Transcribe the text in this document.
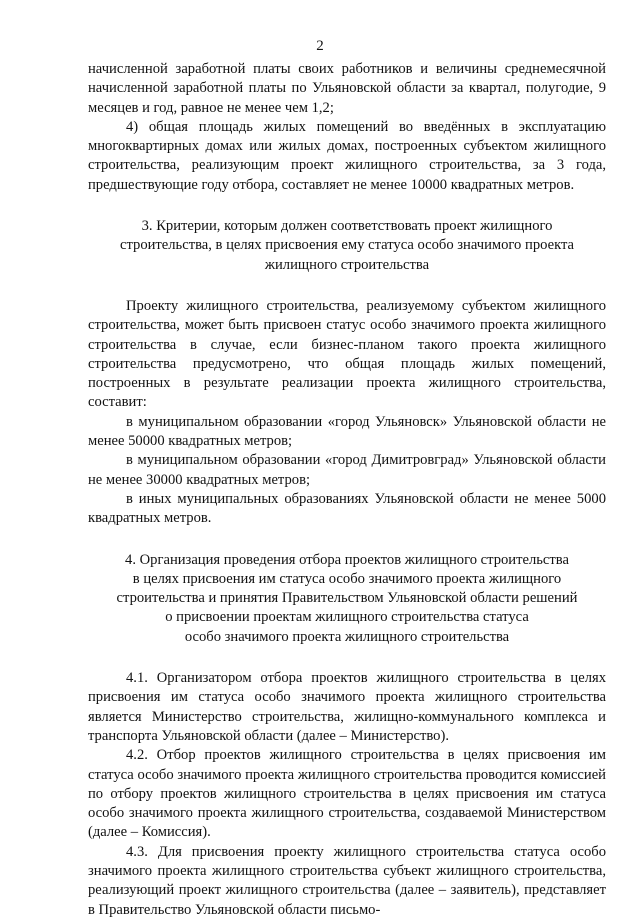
2

начисленной заработной платы своих работников и величины среднемесячной начисленной заработной платы по Ульяновской области за квартал, полугодие, 9 месяцев и год, равное не менее чем 1,2;

4) общая площадь жилых помещений во введённых в эксплуатацию многоквартирных домах или жилых домах, построенных субъектом жилищного строительства, реализующим проект жилищного строительства, за 3 года, предшествующие году отбора, составляет не менее 10000 квадратных метров.

3. Критерии, которым должен соответствовать проект жилищного
строительства, в целях присвоения ему статуса особо значимого проекта
жилищного строительства

Проекту жилищного строительства, реализуемому субъектом жилищного строительства, может быть присвоен статус особо значимого проекта жилищного строительства в случае, если бизнес-планом такого проекта жилищного строительства предусмотрено, что общая площадь жилых помещений, построенных в результате реализации проекта жилищного строительства, составит:

в муниципальном образовании «город Ульяновск» Ульяновской области не менее 50000 квадратных метров;

в муниципальном образовании «город Димитровград» Ульяновской области не менее 30000 квадратных метров;

в иных муниципальных образованиях Ульяновской области не менее 5000 квадратных метров.

4. Организация проведения отбора проектов жилищного строительства
в целях присвоения им статуса особо значимого проекта жилищного
строительства и принятия Правительством Ульяновской области решений
о присвоении проектам жилищного строительства статуса
особо значимого проекта жилищного строительства

4.1. Организатором отбора проектов жилищного строительства в целях присвоения им статуса особо значимого проекта жилищного строительства является Министерство строительства, жилищно-коммунального комплекса и транспорта Ульяновской области (далее – Министерство).

4.2. Отбор проектов жилищного строительства в целях присвоения им статуса особо значимого проекта жилищного строительства проводится комиссией по отбору проектов жилищного строительства в целях присвоения им статуса особо значимого проекта жилищного строительства, создаваемой Министерством (далее – Комиссия).

4.3. Для присвоения проекту жилищного строительства статуса особо значимого проекта жилищного строительства субъект жилищного строительства, реализующий проект жилищного строительства (далее – заявитель), представляет в Правительство Ульяновской области письмо-
